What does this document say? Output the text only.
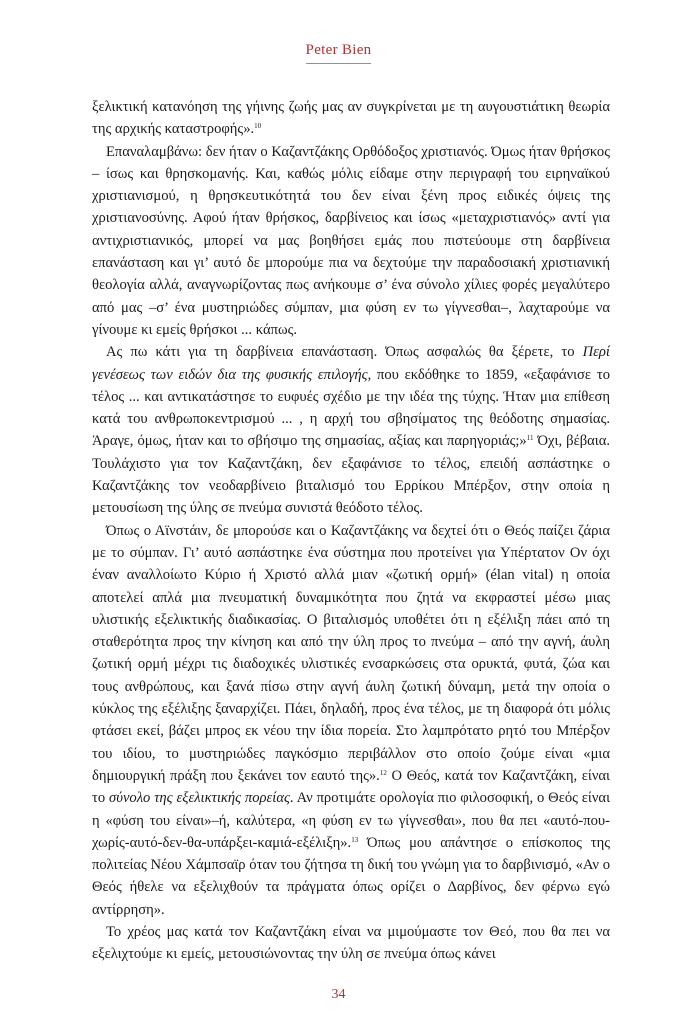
Peter Bien

ξελικτική κατανόηση της γήινης ζωής μας αν συγκρίνεται με τη αυγουστιάτικη θεωρία της αρχικής καταστροφής».$^{10}$

Επαναλαμβάνω: δεν ήταν ο Καζαντζάκης Ορθόδοξος χριστιανός. Όμως ήταν θρήσκος – ίσως και θρησκομανής. Και, καθώς μόλις είδαμε στην περιγραφή του ειρηναϊκού χριστιανισμού, η θρησκευτικότητά του δεν είναι ξένη προς ειδικές όψεις της χριστιανοσύνης. Αφού ήταν θρήσκος, δαρβίνειος και ίσως «μεταχριστιανός» αντί για αντιχριστιανικός, μπορεί να μας βοηθήσει εμάς που πιστεύουμε στη δαρβίνεια επανάσταση και γι’ αυτό δε μπορούμε πια να δεχτούμε την παραδοσιακή χριστιανική θεολογία αλλά, αναγνωρίζοντας πως ανήκουμε σ’ ένα σύνολο χίλιες φορές μεγαλύτερο από μας –σ’ ένα μυστηριώδες σύμπαν, μια φύση εν τω γίγνεσθαι–, λαχταρούμε να γίνουμε κι εμείς θρήσκοι ... κάπως.

Ας πω κάτι για τη δαρβίνεια επανάσταση. Όπως ασφαλώς θα ξέρετε, το Περί γενέσεως των ειδών δια της φυσικής επιλογής, που εκδόθηκε το 1859, «εξαφάνισε το τέλος ... και αντικατάστησε το ευφυές σχέδιο με την ιδέα της τύχης. Ήταν μια επίθεση κατά του ανθρωποκεντρισμού ... , η αρχή του σβησίματος της θεόδοτης σημασίας. Άραγε, όμως, ήταν και το σβήσιμο της σημασίας, αξίας και παρηγοριάς;»$^{11}$ Όχι, βέβαια. Τουλάχιστο για τον Καζαντζάκη, δεν εξαφάνισε το τέλος, επειδή ασπάστηκε ο Καζαντζάκης τον νεοδαρβίνειο βιταλισμό του Ερρίκου Μπέρξον, στην οποία η μετουσίωση της ύλης σε πνεύμα συνιστά θεόδοτο τέλος.

Όπως ο Αϊνστάιν, δε μπορούσε και ο Καζαντζάκης να δεχτεί ότι ο Θεός παίζει ζάρια με το σύμπαν. Γι’ αυτό ασπάστηκε ένα σύστημα που προτείνει για Υπέρτατον Ον όχι έναν αναλλοίωτο Κύριο ή Χριστό αλλά μιαν «ζωτική ορμή» (élan vital) η οποία αποτελεί απλά μια πνευματική δυναμικότητα που ζητά να εκφραστεί μέσω μιας υλιστικής εξελικτικής διαδικασίας. Ο βιταλισμός υποθέτει ότι η εξέλιξη πάει από τη σταθερότητα προς την κίνηση και από την ύλη προς το πνεύμα – από την αγνή, άυλη ζωτική ορμή μέχρι τις διαδοχικές υλιστικές ενσαρκώσεις στα ορυκτά, φυτά, ζώα και τους ανθρώπους, και ξανά πίσω στην αγνή άυλη ζωτική δύναμη, μετά την οποία ο κύκλος της εξέλιξης ξαναρχίζει. Πάει, δηλαδή, προς ένα τέλος, με τη διαφορά ότι μόλις φτάσει εκεί, βάζει μπρος εκ νέου την ίδια πορεία. Στο λαμπρότατο ρητό του Μπέρξον του ιδίου, το μυστηριώδες παγκόσμιο περιβάλλον στο οποίο ζούμε είναι «μια δημιουργική πράξη που ξεκάνει τον εαυτό της».$^{12}$ Ο Θεός, κατά τον Καζαντζάκη, είναι το σύνολο της εξελικτικής πορείας. Αν προτιμάτε ορολογία πιο φιλοσοφική, ο Θεός είναι η «φύση του είναι»–ή, καλύτερα, «η φύση εν τω γίγνεσθαι», που θα πει «αυτό-που-χωρίς-αυτό-δεν-θα-υπάρξει-καμιά-εξέλιξη».$^{13}$ Όπως μου απάντησε ο επίσκοπος της πολιτείας Νέου Χάμπσαϊρ όταν του ζήτησα τη δική του γνώμη για το δαρβινισμό, «Αν ο Θεός ήθελε να εξελιχθούν τα πράγματα όπως ορίζει ο Δαρβίνος, δεν φέρνω εγώ αντίρρηση».

Το χρέος μας κατά τον Καζαντζάκη είναι να μιμούμαστε τον Θεό, που θα πει να εξελιχτούμε κι εμείς, μετουσιώνοντας την ύλη σε πνεύμα όπως κάνει

34
